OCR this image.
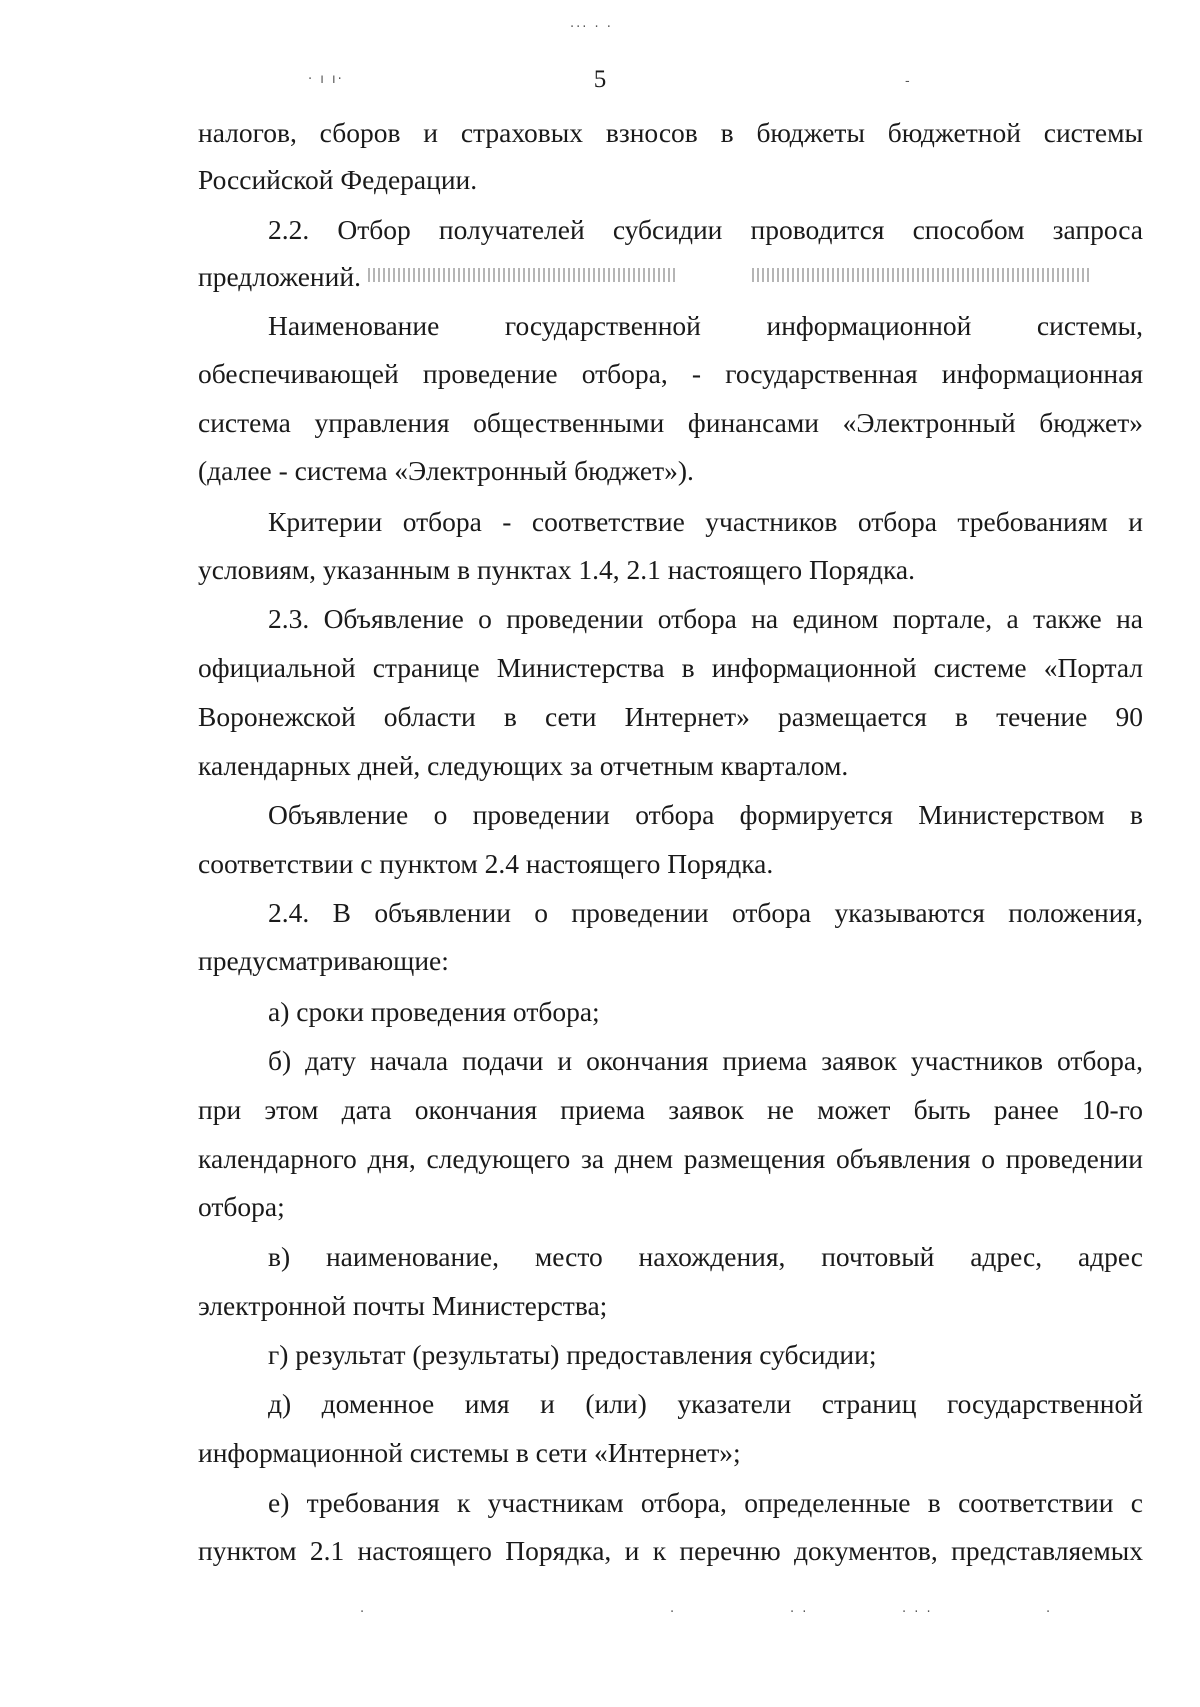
··· · ·
· ı ı·	-
·	·	· ·	· · ·	·
5
налогов, сборов и страховых взносов в бюджеты бюджетной системы
Российской Федерации.
2.2. Отбор получателей субсидии проводится способом запроса
предложений.
Наименование государственной информационной системы,
обеспечивающей проведение отбора, - государственная информационная
система управления общественными финансами «Электронный бюджет»
(далее - система «Электронный бюджет»).
Критерии отбора - соответствие участников отбора требованиям и
условиям, указанным в пунктах 1.4, 2.1 настоящего Порядка.
2.3. Объявление о проведении отбора на едином портале, а также на
официальной странице Министерства в информационной системе «Портал
Воронежской области в сети Интернет» размещается в течение 90
календарных дней, следующих за отчетным кварталом.
Объявление о проведении отбора формируется Министерством в
соответствии с пунктом 2.4 настоящего Порядка.
2.4. В объявлении о проведении отбора указываются положения,
предусматривающие:
а) сроки проведения отбора;
б) дату начала подачи и окончания приема заявок участников отбора,
при этом дата окончания приема заявок не может быть ранее 10-го
календарного дня, следующего за днем размещения объявления о проведении
отбора;
в) наименование, место нахождения, почтовый адрес, адрес
электронной почты Министерства;
г) результат (результаты) предоставления субсидии;
д) доменное имя и (или) указатели страниц государственной
информационной системы в сети «Интернет»;
е) требования к участникам отбора, определенные в соответствии с
пунктом 2.1 настоящего Порядка, и к перечню документов, представляемых
